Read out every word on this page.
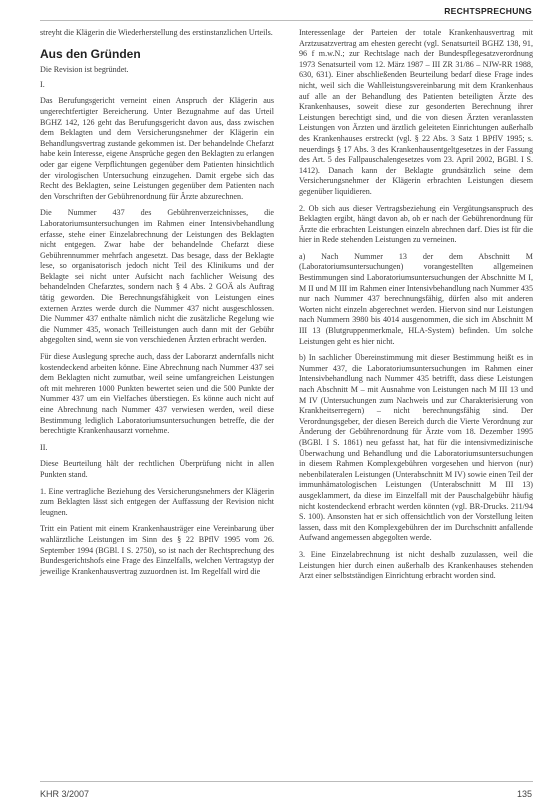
RECHTSPRECHUNG

streyht die Klägerin die Wiederherstellung des erstinstanzlichen Urteils.

Aus den Gründen

Die Revision ist begründet.

I.

Das Berufungsgericht verneint einen Anspruch der Klägerin aus ungerechtfertigter Bereicherung. Unter Bezugnahme auf das Urteil BGHZ 142, 126 geht das Berufungsgericht davon aus, dass zwischen dem Beklagten und dem Versicherungsnehmer der Klägerin ein Behandlungsvertrag zustande gekommen ist. Der behandelnde Chefarzt habe kein Interesse, eigene Ansprüche gegen den Beklagten zu erlangen oder gar eigene Verpflichtungen gegenüber dem Patienten hinsichtlich der virologischen Untersuchung einzugehen. Damit ergebe sich das Recht des Beklagten, seine Leistungen gegenüber dem Patienten nach den Vorschriften der Gebührenordnung für Ärzte abzurechnen.

Die Nummer 437 des Gebührenverzeichnisses, die Laboratoriumsuntersuchungen im Rahmen einer Intensivbehandlung erfasse, stehe einer Einzelabrechnung der Leistungen des Beklagten nicht entgegen. Zwar habe der behandelnde Chefarzt diese Gebührennummer mehrfach angesetzt. Das besage, dass der Beklagte lese, so organisatorisch jedoch nicht Teil des Klinikums und der Beklagte sei nicht unter Aufsicht nach fachlicher Weisung des behandelnden Chefarztes, sondern nach § 4 Abs. 2 GOÄ als Auftrag tätig geworden. Die Berechnungsfähigkeit von Leistungen eines externen Arztes werde durch die Nummer 437 nicht ausgeschlossen. Die Nummer 437 enthalte nämlich nicht die zusätzliche Regelung wie die Nummer 435, wonach Teilleistungen auch dann mit der Gebühr abgegolten sind, wenn sie von verschiedenen Ärzten erbracht werden.

Für diese Auslegung spreche auch, dass der Laborarzt andernfalls nicht kostendeckend arbeiten könne. Eine Abrechnung nach Nummer 437 sei dem Beklagten nicht zumutbar, weil seine umfangreichen Leistungen oft mit mehreren 1000 Punkten bewertet seien und die 500 Punkte der Nummer 437 um ein Vielfaches überstiegen. Es könne auch nicht auf eine Abrechnung nach Nummer 437 verwiesen werden, weil diese Bestimmung lediglich Laboratoriumsuntersuchungen betreffe, die der berechtigte Krankenhausarzt vornehme.

II.

Diese Beurteilung hält der rechtlichen Überprüfung nicht in allen Punkten stand.

1. Eine vertragliche Beziehung des Versicherungsnehmers der Klägerin zum Beklagten lässt sich entgegen der Auffassung der Revision nicht leugnen.

Tritt ein Patient mit einem Krankenhausträger eine Vereinbarung über wahlärztliche Leistungen im Sinn des § 22 BPflV 1995 vom 26. September 1994 (BGBl. I S. 2750), so ist nach der Rechtsprechung des Bundesgerichtshofs eine Frage des Einzelfalls, welchen Vertragstyp der jeweilige Krankenhausvertrag zuzuordnen ist. Im Regelfall wird die

Interessenlage der Parteien der totale Krankenhausvertrag mit Arztzusatzvertrag am ehesten gerecht (vgl. Senatsurteil BGHZ 138, 91, 96 f m.w.N.; zur Rechtslage nach der Bundespflegesatzverordnung 1973 Senatsurteil vom 12. März 1987 – III ZR 31/86 – NJW-RR 1988, 630, 631). Einer abschließenden Beurteilung bedarf diese Frage indes nicht, weil sich die Wahlleistungsvereinbarung mit dem Krankenhaus auf alle an der Behandlung des Patienten beteiligten Ärzte des Krankenhauses, soweit diese zur gesonderten Berechnung ihrer Leistungen berechtigt sind, und die von diesen Ärzten veranlassten Leistungen von Ärzten und ärztlich geleiteten Einrichtungen außerhalb des Krankenhauses erstreckt (vgl. § 22 Abs. 3 Satz 1 BPflV 1995; s. neuerdings § 17 Abs. 3 des Krankenhausentgeltgesetzes in der Fassung des Art. 5 des Fallpauschalengesetzes vom 23. April 2002, BGBl. I S. 1412). Danach kann der Beklagte grundsätzlich seine dem Versicherungsnehmer der Klägerin erbrachten Leistungen diesem gegenüber liquidieren.

2. Ob sich aus dieser Vertragsbeziehung ein Vergütungsanspruch des Beklagten ergibt, hängt davon ab, ob er nach der Gebührenordnung für Ärzte die erbrachten Leistungen einzeln abrechnen darf. Dies ist für die hier in Rede stehenden Leistungen zu verneinen.

a) Nach Nummer 13 der dem Abschnitt M (Laboratoriumsuntersuchungen) vorangestellten allgemeinen Bestimmungen sind Laboratoriumsuntersuchungen der Abschnitte M I, M II und M III im Rahmen einer Intensivbehandlung nach Nummer 435 nur nach Nummer 437 berechnungsfähig, dürfen also mit anderen Worten nicht einzeln abgerechnet werden. Hiervon sind nur Leistungen nach Nummern 3980 bis 4014 ausgenommen, die sich im Abschnitt M III 13 (Blutgruppenmerkmale, HLA-System) befinden. Um solche Leistungen geht es hier nicht.

b) In sachlicher Übereinstimmung mit dieser Bestimmung heißt es in Nummer 437, die Laboratoriumsuntersuchungen im Rahmen einer Intensivbehandlung nach Nummer 435 betrifft, dass diese Leistungen nach Abschnitt M – mit Ausnahme von Leistungen nach M III 13 und M IV (Untersuchungen zum Nachweis und zur Charakterisierung von Krankheitserregern) – nicht berechnungsfähig sind. Der Verordnungsgeber, der diesen Bereich durch die Vierte Verordnung zur Änderung der Gebührenordnung für Ärzte vom 18. Dezember 1995 (BGBl. I S. 1861) neu gefasst hat, hat für die intensivmedizinische Überwachung und Behandlung und die Laboratoriumsuntersuchungen in diesem Rahmen Komplexgebühren vorgesehen und hiervon (nur) nebenbilateralen Leistungen (Unterabschnitt M IV) sowie einen Teil der immunhämatologischen Leistungen (Unterabschnitt M III 13) ausgeklammert, da diese im Einzelfall mit der Pauschalgebühr häufig nicht kostendeckend erbracht werden könnten (vgl. BR-Drucks. 211/94 S. 100). Ansonsten hat er sich offensichtlich von der Vorstellung leiten lassen, dass mit den Komplexgebühren der im Durchschnitt anfallende Aufwand angemessen abgegolten werde.

3. Eine Einzelabrechnung ist nicht deshalb zuzulassen, weil die Leistungen hier durch einen außerhalb des Krankenhauses stehenden Arzt einer selbstständigen Einrichtung erbracht worden sind.

KHR 3/2007	135
